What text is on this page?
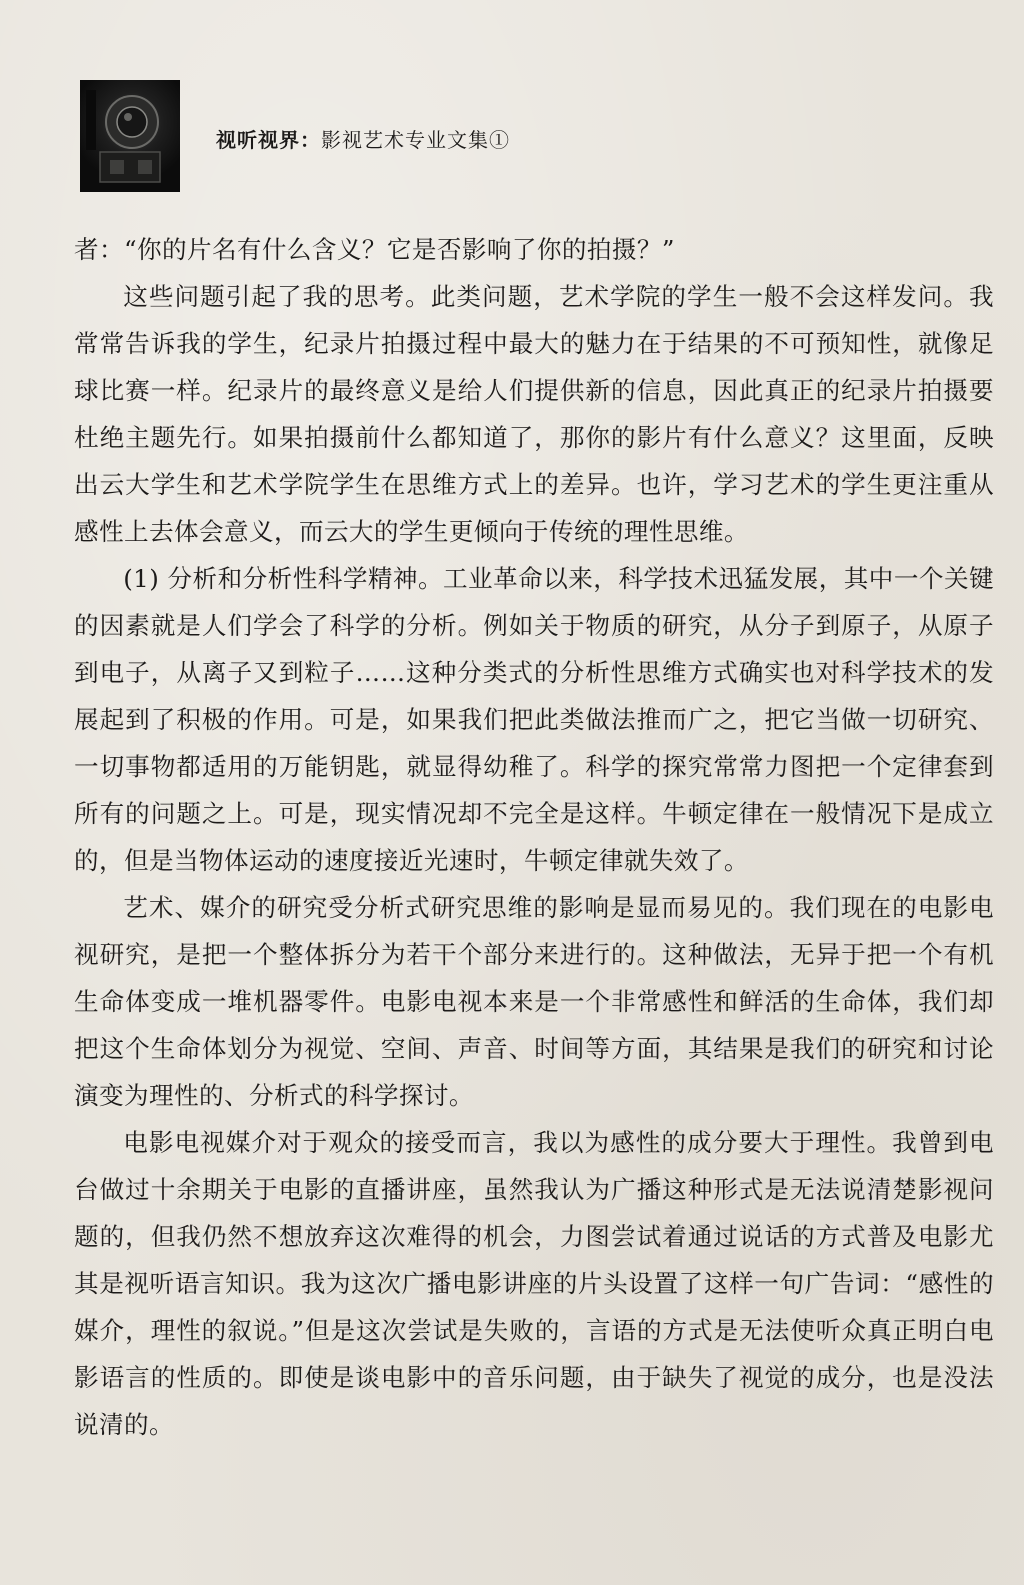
视听视界：影视艺术专业文集①

者：“你的片名有什么含义？它是否影响了你的拍摄？”

这些问题引起了我的思考。此类问题，艺术学院的学生一般不会这样发问。我常常告诉我的学生，纪录片拍摄过程中最大的魅力在于结果的不可预知性，就像足球比赛一样。纪录片的最终意义是给人们提供新的信息，因此真正的纪录片拍摄要杜绝主题先行。如果拍摄前什么都知道了，那你的影片有什么意义？这里面，反映出云大学生和艺术学院学生在思维方式上的差异。也许，学习艺术的学生更注重从感性上去体会意义，而云大的学生更倾向于传统的理性思维。

(1) 分析和分析性科学精神。工业革命以来，科学技术迅猛发展，其中一个关键的因素就是人们学会了科学的分析。例如关于物质的研究，从分子到原子，从原子到电子，从离子又到粒子……这种分类式的分析性思维方式确实也对科学技术的发展起到了积极的作用。可是，如果我们把此类做法推而广之，把它当做一切研究、一切事物都适用的万能钥匙，就显得幼稚了。科学的探究常常力图把一个定律套到所有的问题之上。可是，现实情况却不完全是这样。牛顿定律在一般情况下是成立的，但是当物体运动的速度接近光速时，牛顿定律就失效了。

艺术、媒介的研究受分析式研究思维的影响是显而易见的。我们现在的电影电视研究，是把一个整体拆分为若干个部分来进行的。这种做法，无异于把一个有机生命体变成一堆机器零件。电影电视本来是一个非常感性和鲜活的生命体，我们却把这个生命体划分为视觉、空间、声音、时间等方面，其结果是我们的研究和讨论演变为理性的、分析式的科学探讨。

电影电视媒介对于观众的接受而言，我以为感性的成分要大于理性。我曾到电台做过十余期关于电影的直播讲座，虽然我认为广播这种形式是无法说清楚影视问题的，但我仍然不想放弃这次难得的机会，力图尝试着通过说话的方式普及电影尤其是视听语言知识。我为这次广播电影讲座的片头设置了这样一句广告词：“感性的媒介，理性的叙说。”但是这次尝试是失败的，言语的方式是无法使听众真正明白电影语言的性质的。即使是谈电影中的音乐问题，由于缺失了视觉的成分，也是没法说清的。
